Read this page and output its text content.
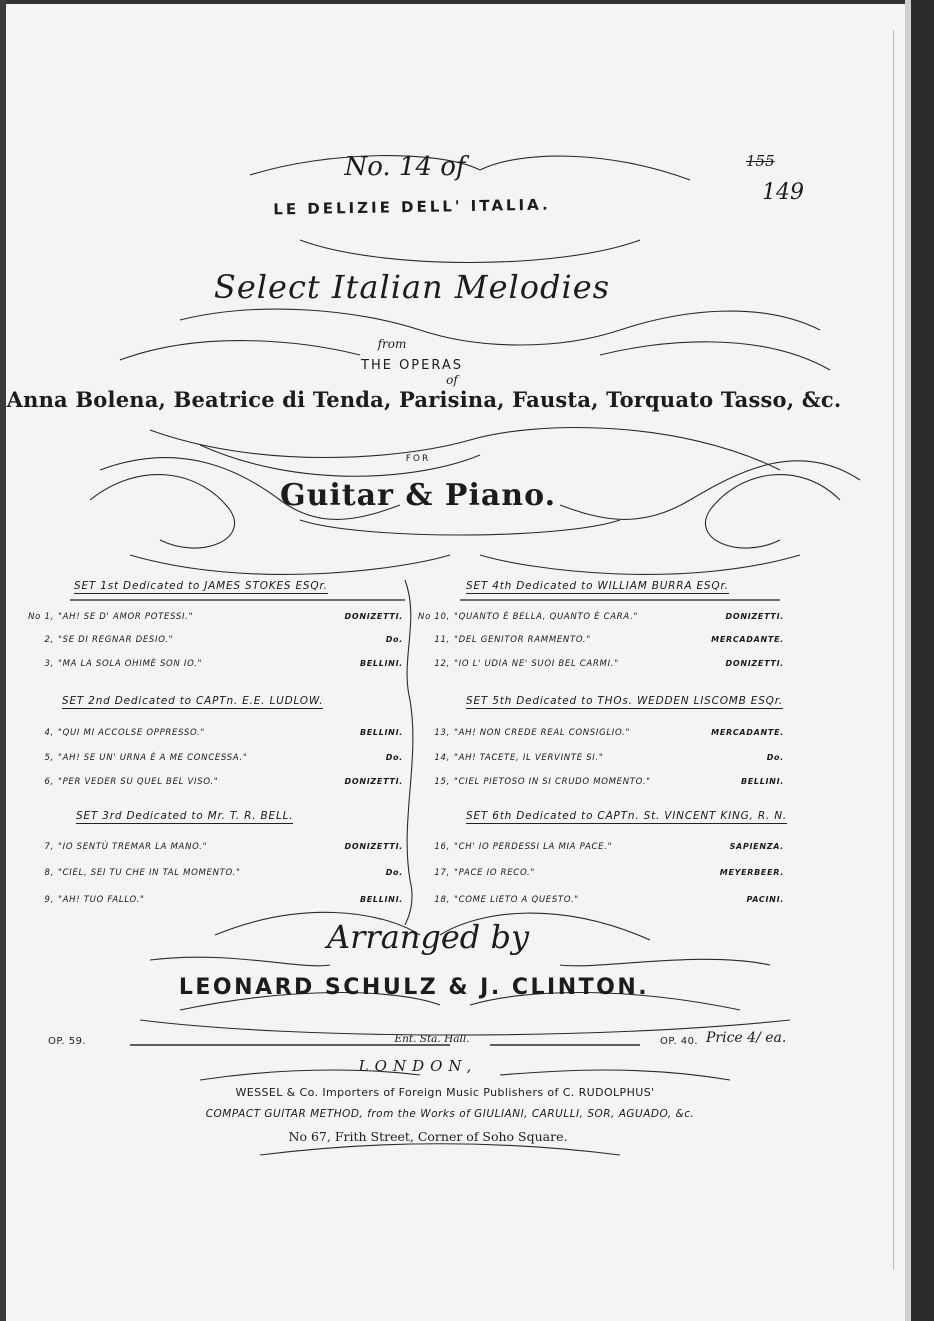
155
149
No. 14 of
LE DELIZIE DELL' ITALIA.
Select Italian Melodies
from
THE OPERAS
of
Anna Bolena, Beatrice di Tenda, Parisina, Fausta, Torquato Tasso, &c.
FOR
Guitar & Piano.
SET 1st Dedicated to JAMES STOKES ESQr.
No 1, "AH! SE D' AMOR POTESSI."	DONIZETTI.
2, "SE DI REGNAR DESIO."	Do.
3, "MA LA SOLA OHIMÈ SON IO."	BELLINI.
SET 2nd Dedicated to CAPTn. E.E. LUDLOW.
4, "QUI MI ACCOLSE OPPRESSO."	BELLINI.
5, "AH! SE UN' URNA È A ME CONCESSA."	Do.
6, "PER VEDER SU QUEL BEL VISO."	DONIZETTI.
SET 3rd Dedicated to Mr. T. R. BELL.
7, "IO SENTÙ TREMAR LA MANO."	DONIZETTI.
8, "CIEL, SEI TU CHE IN TAL MOMENTO."	Do.
9, "AH! TUO FALLO."	BELLINI.
SET 4th Dedicated to WILLIAM BURRA ESQr.
No 10, "QUANTO È BELLA, QUANTO È CARA."	DONIZETTI.
11, "DEL GENITOR RAMMENTO."	MERCADANTE.
12, "IO L' UDIA NE' SUOI BEL CARMI."	DONIZETTI.
SET 5th Dedicated to THOs. WEDDEN LISCOMB ESQr.
13, "AH! NON CREDE REAL CONSIGLIO."	MERCADANTE.
14, "AH! TACETE, IL VERVINTE SI."	Do.
15, "CIEL PIETOSO IN SI CRUDO MOMENTO."	BELLINI.
SET 6th Dedicated to CAPTn. St. VINCENT KING, R. N.
16, "CH' IO PERDESSI LA MIA PACE."	SAPIENZA.
17, "PACE IO RECO."	MEYERBEER.
18, "COME LIETO A QUESTO."	PACINI.
Arranged by
LEONARD SCHULZ & J. CLINTON.
OP. 59.	Ent. Sta. Hall.	OP. 40. Price 4/ ea.
LONDON,
WESSEL & Co. Importers of Foreign Music Publishers of C. RUDOLPHUS'
COMPACT GUITAR METHOD, from the Works of GIULIANI, CARULLI, SOR, AGUADO, &c.
No 67, Frith Street, Corner of Soho Square.
